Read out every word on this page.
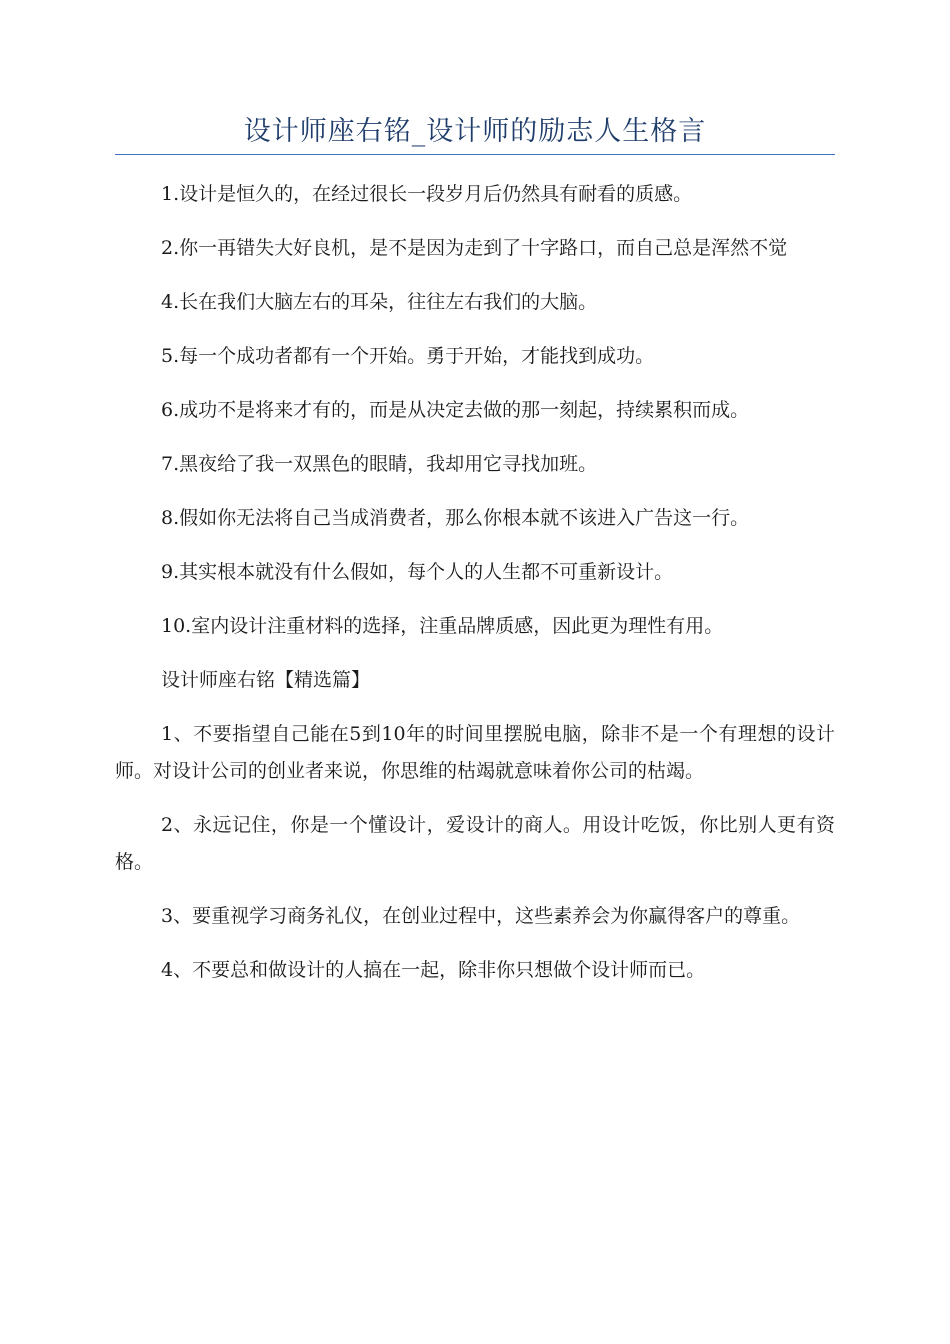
设计师座右铭_设计师的励志人生格言

1.设计是恒久的，在经过很长一段岁月后仍然具有耐看的质感。

2.你一再错失大好良机，是不是因为走到了十字路口，而自己总是浑然不觉

4.长在我们大脑左右的耳朵，往往左右我们的大脑。

5.每一个成功者都有一个开始。勇于开始，才能找到成功。

6.成功不是将来才有的，而是从决定去做的那一刻起，持续累积而成。

7.黑夜给了我一双黑色的眼睛，我却用它寻找加班。

8.假如你无法将自己当成消费者，那么你根本就不该进入广告这一行。

9.其实根本就没有什么假如，每个人的人生都不可重新设计。

10.室内设计注重材料的选择，注重品牌质感，因此更为理性有用。

设计师座右铭【精选篇】

1、不要指望自己能在5到10年的时间里摆脱电脑，除非不是一个有理想的设计师。对设计公司的创业者来说，你思维的枯竭就意味着你公司的枯竭。

2、永远记住，你是一个懂设计，爱设计的商人。用设计吃饭，你比别人更有资格。

3、要重视学习商务礼仪，在创业过程中，这些素养会为你赢得客户的尊重。

4、不要总和做设计的人搞在一起，除非你只想做个设计师而已。
